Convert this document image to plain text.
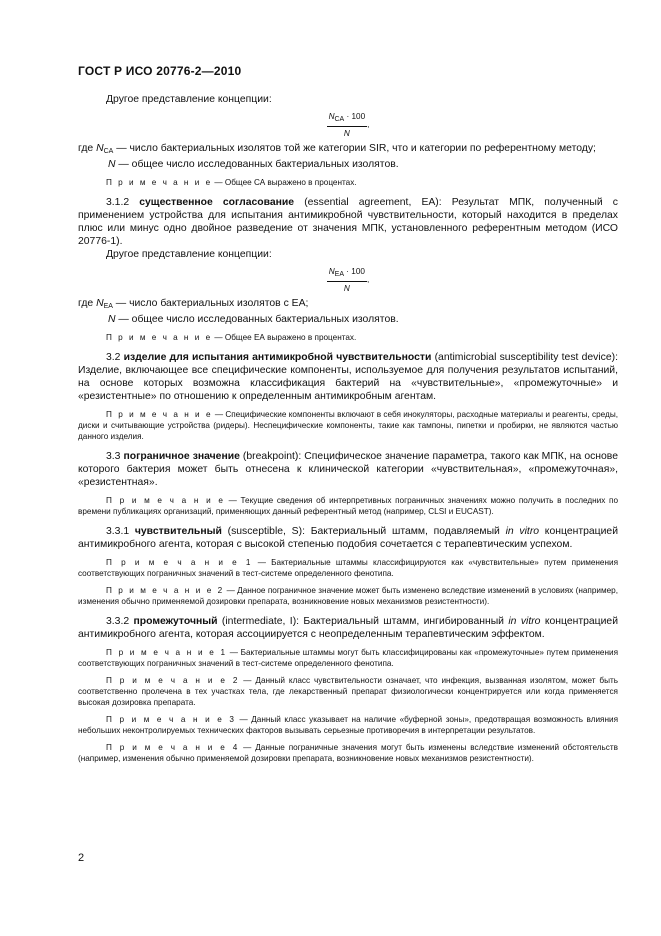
ГОСТ Р ИСО 20776-2—2010

Другое представление концепции:

$\frac{\text{NCA · 100}}{N}$ ,

где $N_{CA}$ — число бактериальных изолятов той же категории SIR, что и категории по референтному методу;

N — общее число исследованных бактериальных изолятов.

П р и м е ч а н и е — Общее СА выражено в процентах.

3.1.2 существенное согласование (essential agreement, EA): Результат МПК, полученный с применением устройства для испытания антимикробной чувствительности, который находится в пределах плюс или минус одно двойное разведение от значения МПК, установленного референтным методом (ИСО 20776-1).

Другое представление концепции:

$\frac{\text{NEA · 100}}{N}$ ,

где $N_{EA}$ — число бактериальных изолятов с EA;

N — общее число исследованных бактериальных изолятов.

П р и м е ч а н и е — Общее ЕА выражено в процентах.

3.2 изделие для испытания антимикробной чувствительности (antimicrobial susceptibility test device): Изделие, включающее все специфические компоненты, используемое для получения результатов испытаний, на основе которых возможна классификация бактерий на «чувствительные», «промежуточные» и «резистентные» по отношению к определенным антимикробным агентам.

П р и м е ч а н и е — Специфические компоненты включают в себя инокуляторы, расходные материалы и реагенты, среды, диски и считывающие устройства (ридеры). Неспецифические компоненты, такие как тампоны, пипетки и пробирки, не являются частью данного изделия.

3.3 пограничное значение (breakpoint): Специфическое значение параметра, такого как МПК, на основе которого бактерия может быть отнесена к клинической категории «чувствительная», «промежуточная», «резистентная».

П р и м е ч а н и е — Текущие сведения об интерпретивных пограничных значениях можно получить в последних по времени публикациях организаций, применяющих данный референтный метод (например, CLSI и EUCAST).

3.3.1 чувствительный (susceptible, S): Бактериальный штамм, подавляемый in vitro концентрацией антимикробного агента, которая с высокой степенью подобия сочетается с терапевтическим успехом.

П р и м е ч а н и е 1 — Бактериальные штаммы классифицируются как «чувствительные» путем применения соответствующих пограничных значений в тест-системе определенного фенотипа.

П р и м е ч а н и е 2 — Данное пограничное значение может быть изменено вследствие изменений в условиях (например, изменения обычно применяемой дозировки препарата, возникновение новых механизмов резистентности).

3.3.2 промежуточный (intermediate, I): Бактериальный штамм, ингибированный in vitro концентрацией антимикробного агента, которая ассоциируется с неопределенным терапевтическим эффектом.

П р и м е ч а н и е 1 — Бактериальные штаммы могут быть классифицированы как «промежуточные» путем применения соответствующих пограничных значений в тест-системе определенного фенотипа.

П р и м е ч а н и е 2 — Данный класс чувствительности означает, что инфекция, вызванная изолятом, может быть соответственно пролечена в тех участках тела, где лекарственный препарат физиологически концентрируется или когда применяется высокая дозировка препарата.

П р и м е ч а н и е 3 — Данный класс указывает на наличие «буферной зоны», предотвращая возможность влияния небольших неконтролируемых технических факторов вызывать серьезные противоречия в интерпретации результатов.

П р и м е ч а н и е 4 — Данные пограничные значения могут быть изменены вследствие изменений обстоятельств (например, изменения обычно применяемой дозировки препарата, возникновение новых механизмов резистентности).

2
